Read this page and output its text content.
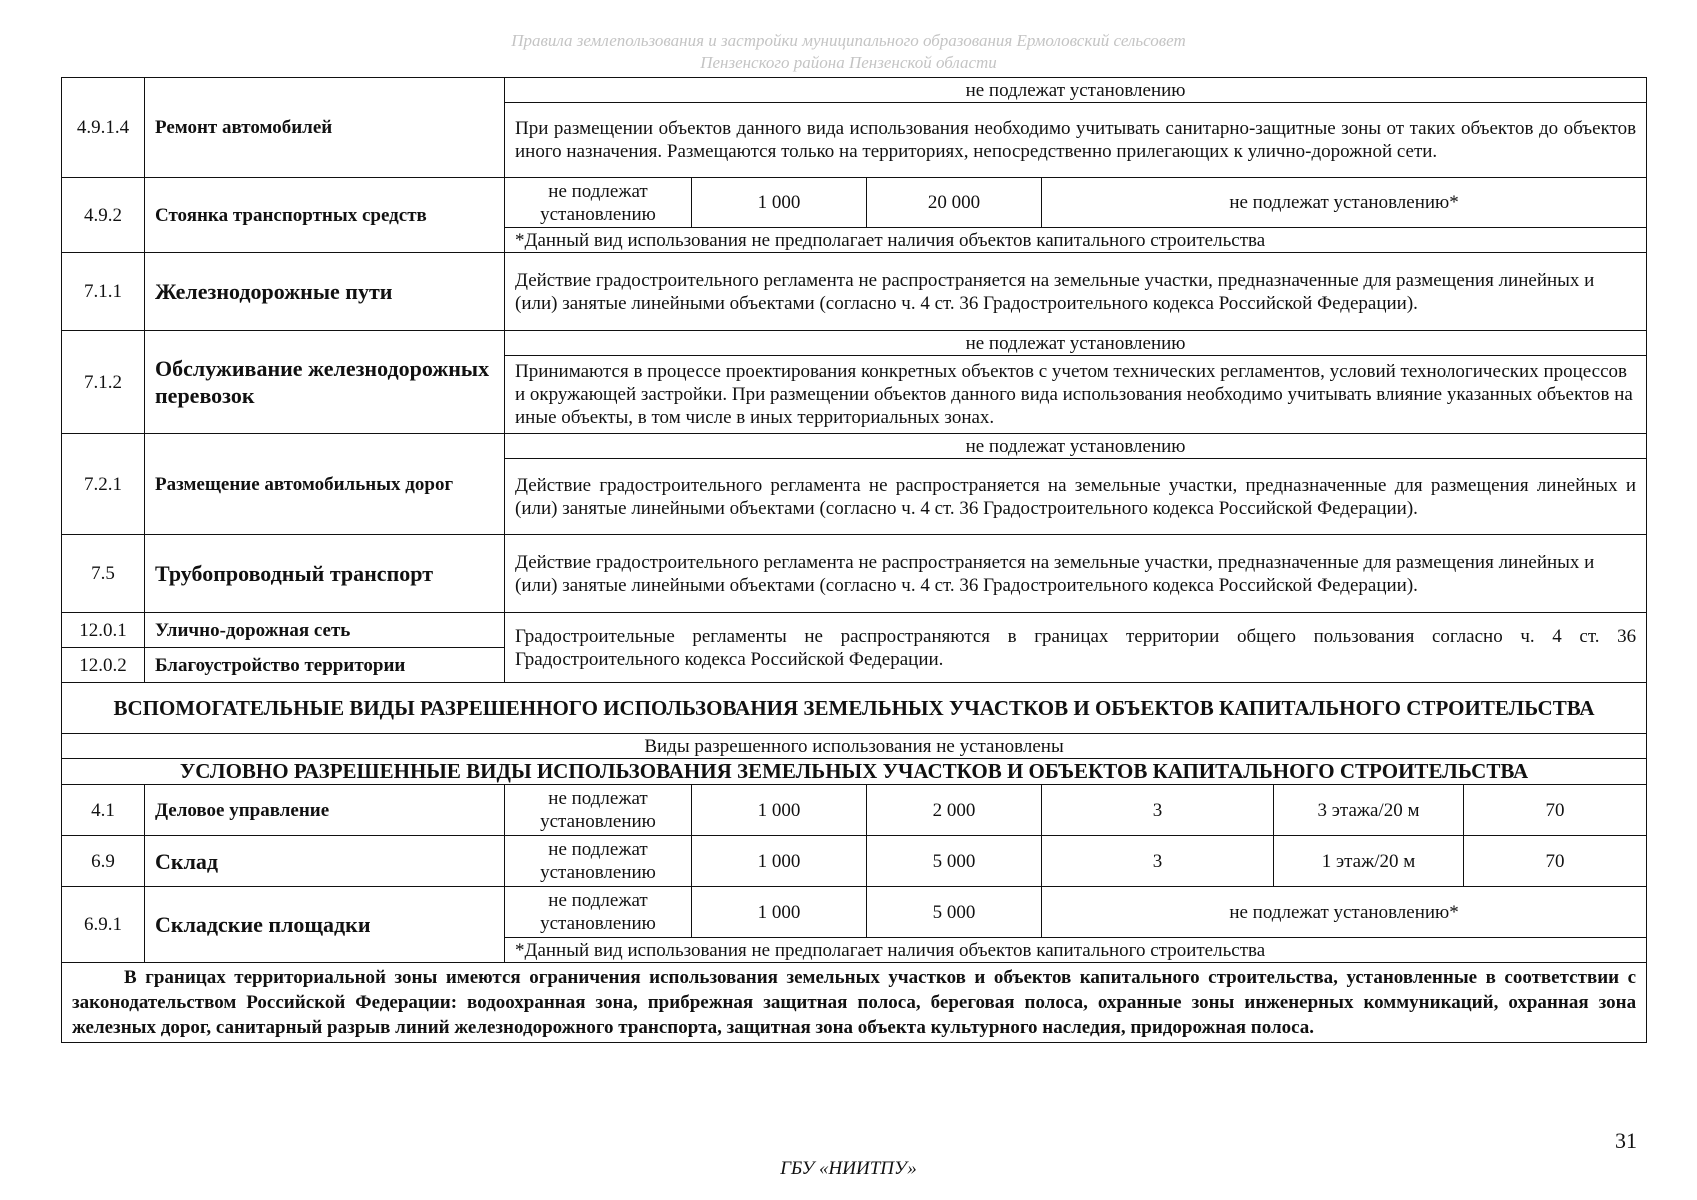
Правила землепользования и застройки муниципального образования Ермоловский сельсовет
Пензенского района Пензенской области
4.9.1.4	Ремонт автомобилей	не подлежат установлению					
		При размещении объектов данного вида использования необходимо учитывать санитарно-защитные зоны от таких объектов до объектов иного назначения. Размещаются только на территориях, непосредственно прилегающих к улично-дорожной сети.					
4.9.2	Стоянка транспортных средств	не подлежат установлению	1 000	20 000	не подлежат установлению*		
		*Данный вид использования не предполагает наличия объектов капитального строительства					
7.1.1	Железнодорожные пути	Действие градостроительного регламента не распространяется на земельные участки, предназначенные для размещения линейных и (или) занятые линейными объектами (согласно ч. 4 ст. 36 Градостроительного кодекса Российской Федерации).					
7.1.2	Обслуживание железнодорожных перевозок	не подлежат установлению					
		Принимаются в процессе проектирования конкретных объектов с учетом технических регламентов, условий технологических процессов и окружающей застройки. При размещении объектов данного вида использования необходимо учитывать влияние указанных объектов на иные объекты, в том числе в иных территориальных зонах.					
7.2.1	Размещение автомобильных дорог	не подлежат установлению					
		Действие градостроительного регламента не распространяется на земельные участки, предназначенные для размещения линейных и (или) занятые линейными объектами (согласно ч. 4 ст. 36 Градостроительного кодекса Российской Федерации).					
7.5	Трубопроводный транспорт	Действие градостроительного регламента не распространяется на земельные участки, предназначенные для размещения линейных и (или) занятые линейными объектами (согласно ч. 4 ст. 36 Градостроительного кодекса Российской Федерации).					
12.0.1	Улично-дорожная сеть	Градостроительные регламенты не распространяются в границах территории общего пользования согласно ч. 4 ст. 36 Градостроительного кодекса Российской Федерации.					
12.0.2	Благоустройство территории						
ВСПОМОГАТЕЛЬНЫЕ ВИДЫ РАЗРЕШЕННОГО ИСПОЛЬЗОВАНИЯ ЗЕМЕЛЬНЫХ УЧАСТКОВ И ОБЪЕКТОВ КАПИТАЛЬНОГО СТРОИТЕЛЬСТВА							
Виды разрешенного использования не установлены							
УСЛОВНО РАЗРЕШЕННЫЕ ВИДЫ ИСПОЛЬЗОВАНИЯ ЗЕМЕЛЬНЫХ УЧАСТКОВ И ОБЪЕКТОВ КАПИТАЛЬНОГО СТРОИТЕЛЬСТВА							
4.1	Деловое управление	не подлежат установлению	1 000	2 000	3	3 этажа/20 м	70
6.9	Склад	не подлежат установлению	1 000	5 000	3	1 этаж/20 м	70
6.9.1	Складские площадки	не подлежат установлению	1 000	5 000	не подлежат установлению*		
		*Данный вид использования не предполагает наличия объектов капитального строительства					
В границах территориальной зоны имеются ограничения использования земельных участков и объектов капитального строительства, установленные в соответствии с законодательством Российской Федерации: водоохранная зона, прибрежная защитная полоса, береговая полоса, охранные зоны инженерных коммуникаций, охранная зона железных дорог, санитарный разрыв линий железнодорожного транспорта, защитная зона объекта культурного наследия, придорожная полоса.							
31
ГБУ «НИИТПУ»
